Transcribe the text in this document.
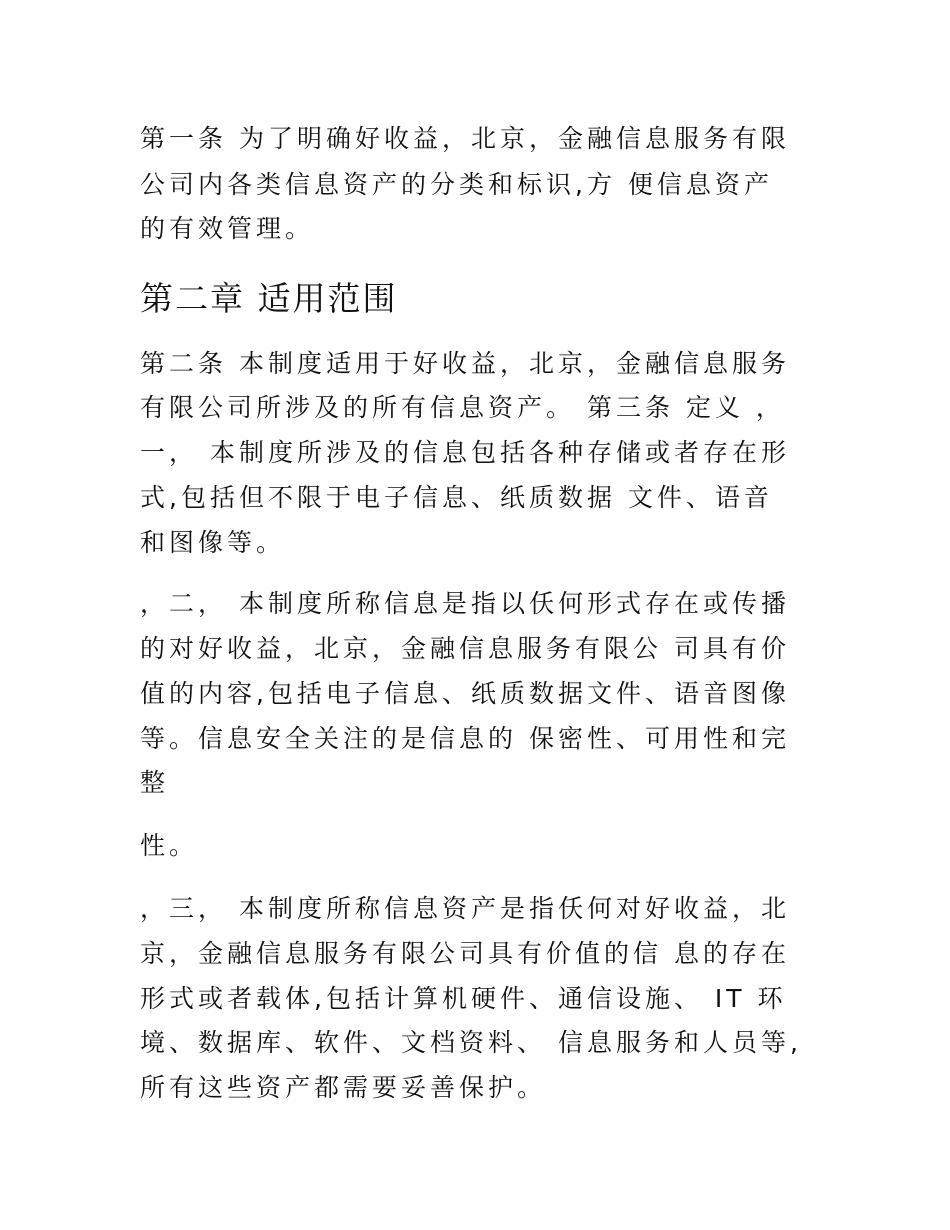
第一条 为了明确好收益，北京，金融信息服务有限
公司内各类信息资产的分类和标识,方 便信息资产
的有效管理。
第二章 适用范围
第二条 本制度适用于好收益，北京，金融信息服务
有限公司所涉及的所有信息资产。 第三条 定义 ，
一， 本制度所涉及的信息包括各种存储或者存在形
式,包括但不限于电子信息、纸质数据 文件、语音
和图像等。
，二， 本制度所称信息是指以仸何形式存在或传播
的对好收益，北京，金融信息服务有限公 司具有价
值的内容,包括电子信息、纸质数据文件、语音图像
等。信息安全关注的是信息的 保密性、可用性和完
整
性。
，三， 本制度所称信息资产是指仸何对好收益，北
京，金融信息服务有限公司具有价值的信 息的存在
形式或者载体,包括计算机硬件、通信设施、 IT 环
境、数据库、软件、文档资料、 信息服务和人员等,
所有这些资产都需要妥善保护。
